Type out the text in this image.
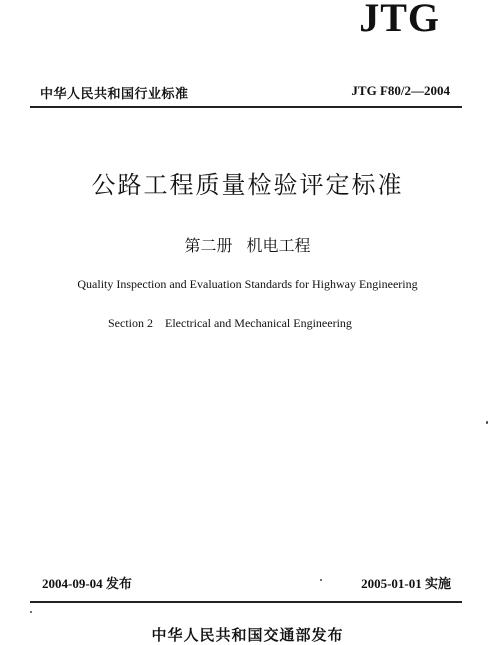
JTG
中华人民共和国行业标准	JTG F80/2—2004
公路工程质量检验评定标准
第二册 机电工程
Quality Inspection and Evaluation Standards for Highway Engineering
Section 2 Electrical and Mechanical Engineering
2004-09-04 发布	2005-01-01 实施
中华人民共和国交通部发布
